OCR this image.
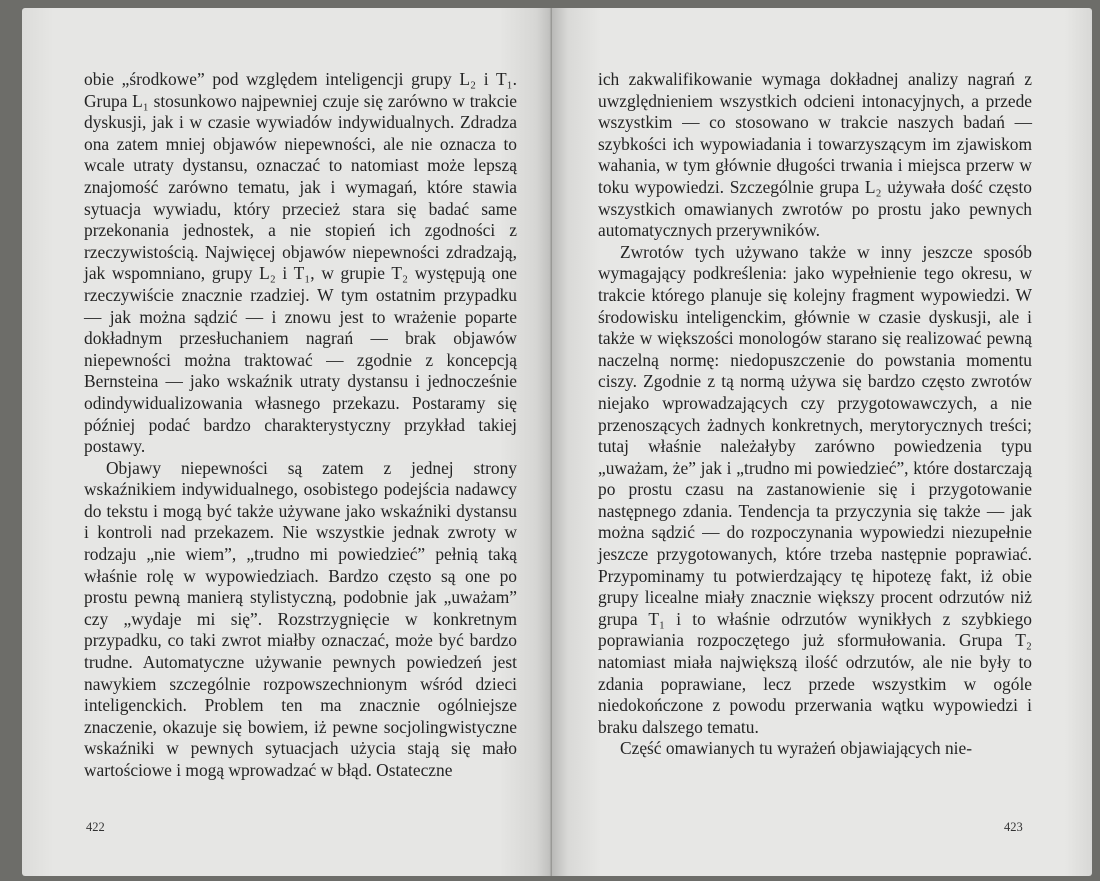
obie „środkowe” pod względem inteligencji grupy L₂ i T₁. Grupa L₁ stosunkowo najpewniej czuje się zarówno w trakcie dyskusji, jak i w czasie wywiadów indywidualnych. Zdradza ona zatem mniej objawów niepewności, ale nie oznacza to wcale utraty dystansu, oznaczać to natomiast może lepszą znajomość zarówno tematu, jak i wymagań, które stawia sytuacja wywiadu, który przecież stara się badać same przekonania jednostek, a nie stopień ich zgodności z rzeczywistością. Najwięcej objawów niepewności zdradzają, jak wspomniano, grupy L₂ i T₁, w grupie T₂ występują one rzeczywiście znacznie rzadziej. W tym ostatnim przypadku — jak można sądzić — i znowu jest to wrażenie poparte dokładnym przesłuchaniem nagrań — brak objawów niepewności można traktować — zgodnie z koncepcją Bernsteina — jako wskaźnik utraty dystansu i jednocześnie odindywidualizowania własnego przekazu. Postaramy się później podać bardzo charakterystyczny przykład takiej postawy.
Objawy niepewności są zatem z jednej strony wskaźnikiem indywidualnego, osobistego podejścia nadawcy do tekstu i mogą być także używane jako wskaźniki dystansu i kontroli nad przekazem. Nie wszystkie jednak zwroty w rodzaju „nie wiem”, „trudno mi powiedzieć” pełnią taką właśnie rolę w wypowiedziach. Bardzo często są one po prostu pewną manierą stylistyczną, podobnie jak „uważam” czy „wydaje mi się”. Rozstrzygnięcie w konkretnym przypadku, co taki zwrot miałby oznaczać, może być bardzo trudne. Automatyczne używanie pewnych powiedzeń jest nawykiem szczególnie rozpowszechnionym wśród dzieci inteligenckich. Problem ten ma znacznie ogólniejsze znaczenie, okazuje się bowiem, iż pewne socjolingwistyczne wskaźniki w pewnych sytuacjach użycia stają się mało wartościowe i mogą wprowadzać w błąd. Ostateczne
422
ich zakwalifikowanie wymaga dokładnej analizy nagrań z uwzględnieniem wszystkich odcieni intonacyjnych, a przede wszystkim — co stosowano w trakcie naszych badań — szybkości ich wypowiadania i towarzyszącym im zjawiskom wahania, w tym głównie długości trwania i miejsca przerw w toku wypowiedzi. Szczególnie grupa L₂ używała dość często wszystkich omawianych zwrotów po prostu jako pewnych automatycznych przerywników.
Zwrotów tych używano także w inny jeszcze sposób wymagający podkreślenia: jako wypełnienie tego okresu, w trakcie którego planuje się kolejny fragment wypowiedzi. W środowisku inteligenckim, głównie w czasie dyskusji, ale i także w większości monologów starano się realizować pewną naczelną normę: niedopuszczenie do powstania momentu ciszy. Zgodnie z tą normą używa się bardzo często zwrotów niejako wprowadzających czy przygotowawczych, a nie przenoszących żadnych konkretnych, merytorycznych treści; tutaj właśnie należałyby zarówno powiedzenia typu „uważam, że” jak i „trudno mi powiedzieć”, które dostarczają po prostu czasu na zastanowienie się i przygotowanie następnego zdania. Tendencja ta przyczynia się także — jak można sądzić — do rozpoczynania wypowiedzi niezupełnie jeszcze przygotowanych, które trzeba następnie poprawiać. Przypominamy tu potwierdzający tę hipotezę fakt, iż obie grupy licealne miały znacznie większy procent odrzutów niż grupa T₁ i to właśnie odrzutów wynikłych z szybkiego poprawiania rozpoczętego już sformułowania. Grupa T₂ natomiast miała największą ilość odrzutów, ale nie były to zdania poprawiane, lecz przede wszystkim w ogóle niedokończone z powodu przerwania wątku wypowiedzi i braku dalszego tematu.
Część omawianych tu wyrażeń objawiających nie-
423
